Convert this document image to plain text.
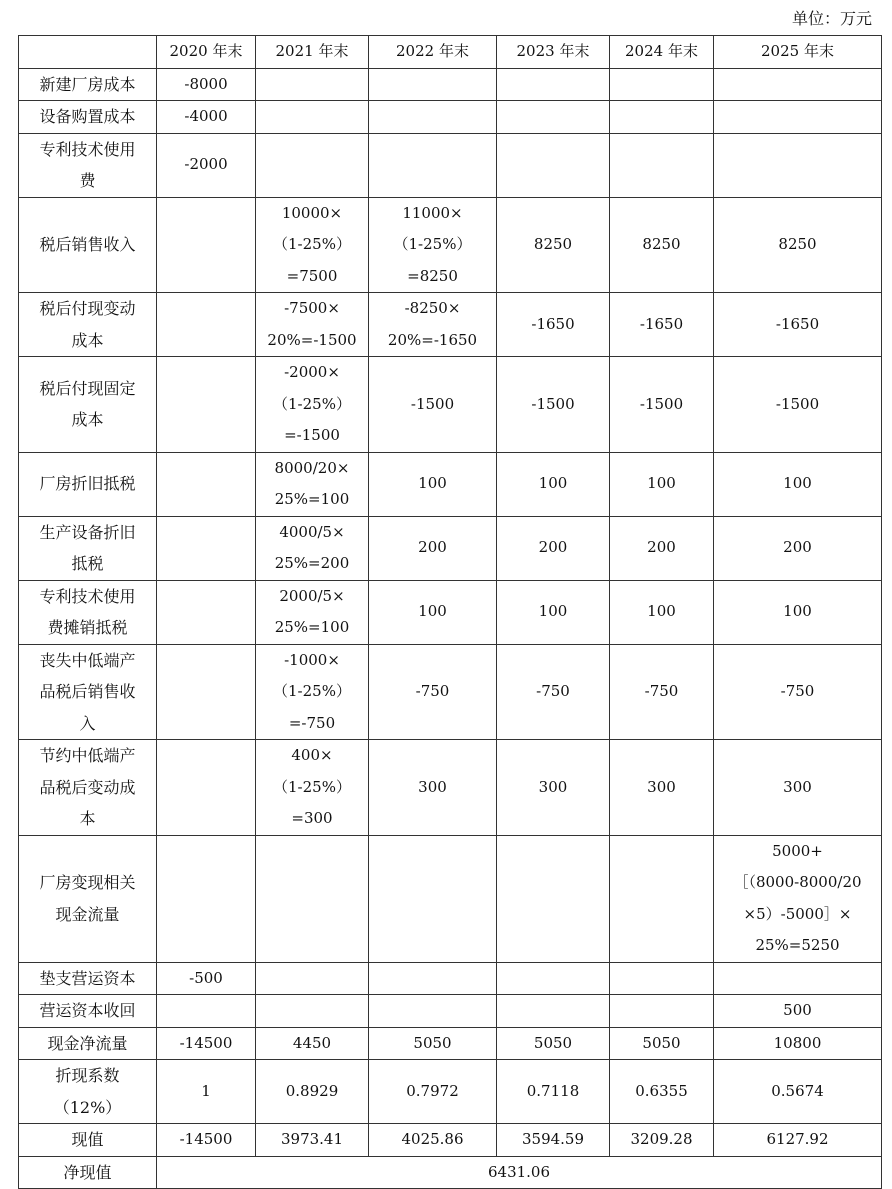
单位：万元
	2020 年末	2021 年末	2022 年末	2023 年末	2024 年末	2025 年末
新建厂房成本	-8000					
设备购置成本	-4000					
专利技术使用
费	-2000					
税后销售收入		10000×
（1-25%）
=7500	11000×
（1-25%）
=8250	8250	8250	8250
税后付现变动
成本		-7500×
20%=-1500	-8250×
20%=-1650	-1650	-1650	-1650
税后付现固定
成本		-2000×
（1-25%）
=-1500	-1500	-1500	-1500	-1500
厂房折旧抵税		8000/20×
25%=100	100	100	100	100
生产设备折旧
抵税		4000/5×
25%=200	200	200	200	200
专利技术使用
费摊销抵税		2000/5×
25%=100	100	100	100	100
丧失中低端产
品税后销售收
入		-1000×
（1-25%）
=-750	-750	-750	-750	-750
节约中低端产
品税后变动成
本		400×
（1-25%）
=300	300	300	300	300
厂房变现相关
现金流量						5000+
［（8000-8000/20
×5）-5000］×
25%=5250
垫支营运资本	-500					
营运资本收回						500
现金净流量	-14500	4450	5050	5050	5050	10800
折现系数
（12%）	1	0.8929	0.7972	0.7118	0.6355	0.5674
现值	-14500	3973.41	4025.86	3594.59	3209.28	6127.92
净现值	6431.06					
